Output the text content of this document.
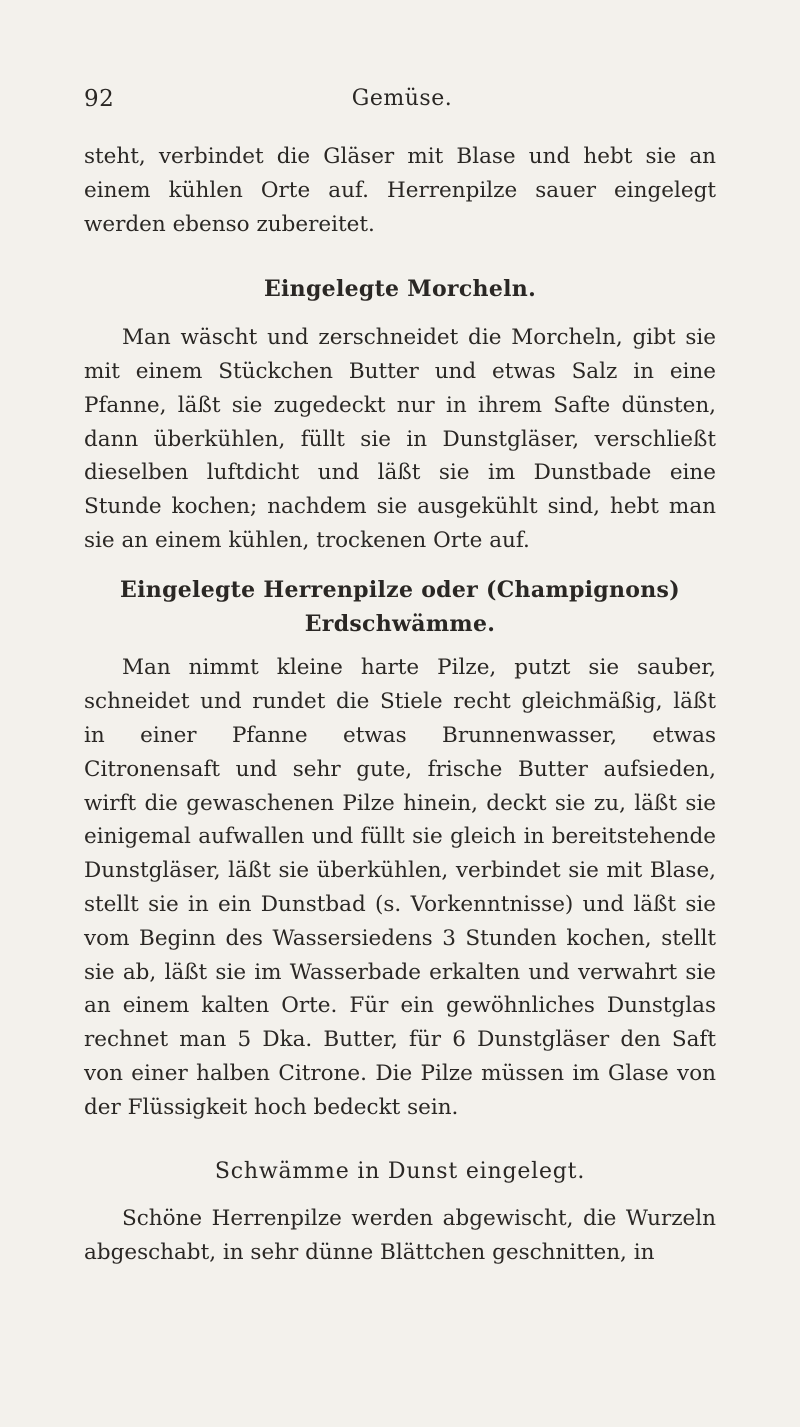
92	Gemüse.

steht, verbindet die Gläser mit Blase und hebt sie an einem kühlen Orte auf. Herrenpilze sauer eingelegt werden ebenso zubereitet.

Eingelegte Morcheln.

Man wäscht und zerschneidet die Morcheln, gibt sie mit einem Stückchen Butter und etwas Salz in eine Pfanne, läßt sie zugedeckt nur in ihrem Safte dünsten, dann überkühlen, füllt sie in Dunstgläser, verschließt dieselben luftdicht und läßt sie im Dunstbade eine Stunde kochen; nachdem sie ausgekühlt sind, hebt man sie an einem kühlen, trockenen Orte auf.

Eingelegte Herrenpilze oder (Champignons) Erdschwämme.

Man nimmt kleine harte Pilze, putzt sie sauber, schneidet und rundet die Stiele recht gleichmäßig, läßt in einer Pfanne etwas Brunnenwasser, etwas Citronensaft und sehr gute, frische Butter aufsieden, wirft die gewaschenen Pilze hinein, deckt sie zu, läßt sie einigemal aufwallen und füllt sie gleich in bereitstehende Dunstgläser, läßt sie überkühlen, verbindet sie mit Blase, stellt sie in ein Dunstbad (s. Vorkenntnisse) und läßt sie vom Beginn des Wassersiedens 3 Stunden kochen, stellt sie ab, läßt sie im Wasserbade erkalten und verwahrt sie an einem kalten Orte. Für ein gewöhnliches Dunstglas rechnet man 5 Dka. Butter, für 6 Dunstgläser den Saft von einer halben Citrone. Die Pilze müssen im Glase von der Flüssigkeit hoch bedeckt sein.

Schwämme in Dunst eingelegt.

Schöne Herrenpilze werden abgewischt, die Wurzeln abgeschabt, in sehr dünne Blättchen geschnitten, in
